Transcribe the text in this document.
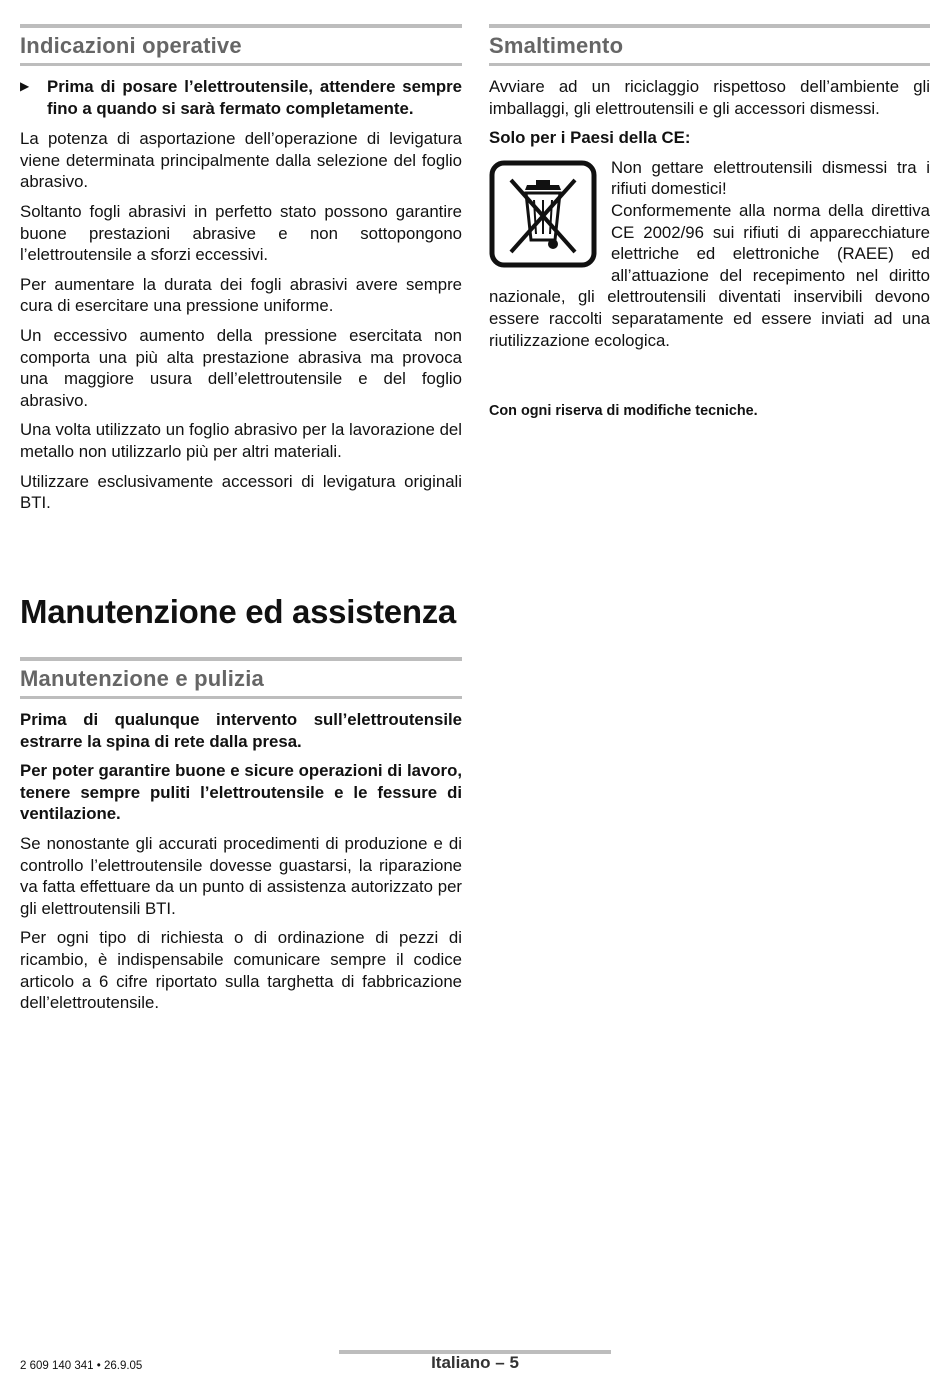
Indicazioni operative
▶	Prima di posare l’elettroutensile, attendere sempre fino a quando si sarà fermato completamente.

La potenza di asportazione dell’operazione di levigatura viene determinata principalmente dalla selezione del foglio abrasivo.

Soltanto fogli abrasivi in perfetto stato possono garantire buone prestazioni abrasive e non sottopongono l’elettroutensile a sforzi eccessivi.

Per aumentare la durata dei fogli abrasivi avere sempre cura di esercitare una pressione uniforme.

Un eccessivo aumento della pressione esercitata non comporta una più alta prestazione abrasiva ma provoca una maggiore usura dell’elettroutensile e del foglio abrasivo.

Una volta utilizzato un foglio abrasivo per la lavorazione del metallo non utilizzarlo più per altri materiali.

Utilizzare esclusivamente accessori di levigatura originali BTI.

Manutenzione ed assistenza
Manutenzione e pulizia

Prima di qualunque intervento sull’elettroutensile estrarre la spina di rete dalla presa.

Per poter garantire buone e sicure operazioni di lavoro, tenere sempre puliti l’elettroutensile e le fessure di ventilazione.

Se nonostante gli accurati procedimenti di produzione e di controllo l’elettroutensile dovesse guastarsi, la riparazione va fatta effettuare da un punto di assistenza autorizzato per gli elettroutensili BTI.

Per ogni tipo di richiesta o di ordinazione di pezzi di ricambio, è indispensabile comunicare sempre il codice articolo a 6 cifre riportato sulla targhetta di fabbricazione dell’elettroutensile.

Smaltimento

Avviare ad un riciclaggio rispettoso dell’ambiente gli imballaggi, gli elettroutensili e gli accessori dismessi.

Solo per i Paesi della CE:

Non gettare elettroutensili dismessi tra i rifiuti domestici!

Conformemente alla norma della direttiva CE 2002/96 sui rifiuti di apparecchiature elettriche ed elettroniche (RAEE) ed all’attuazione del recepimento nel diritto nazionale, gli elettroutensili diventati inservibili devono essere raccolti separatamente ed essere inviati ad una riutilizzazione ecologica.

Con ogni riserva di modifiche tecniche.

2 609 140 341 • 26.9.05	Italiano – 5
